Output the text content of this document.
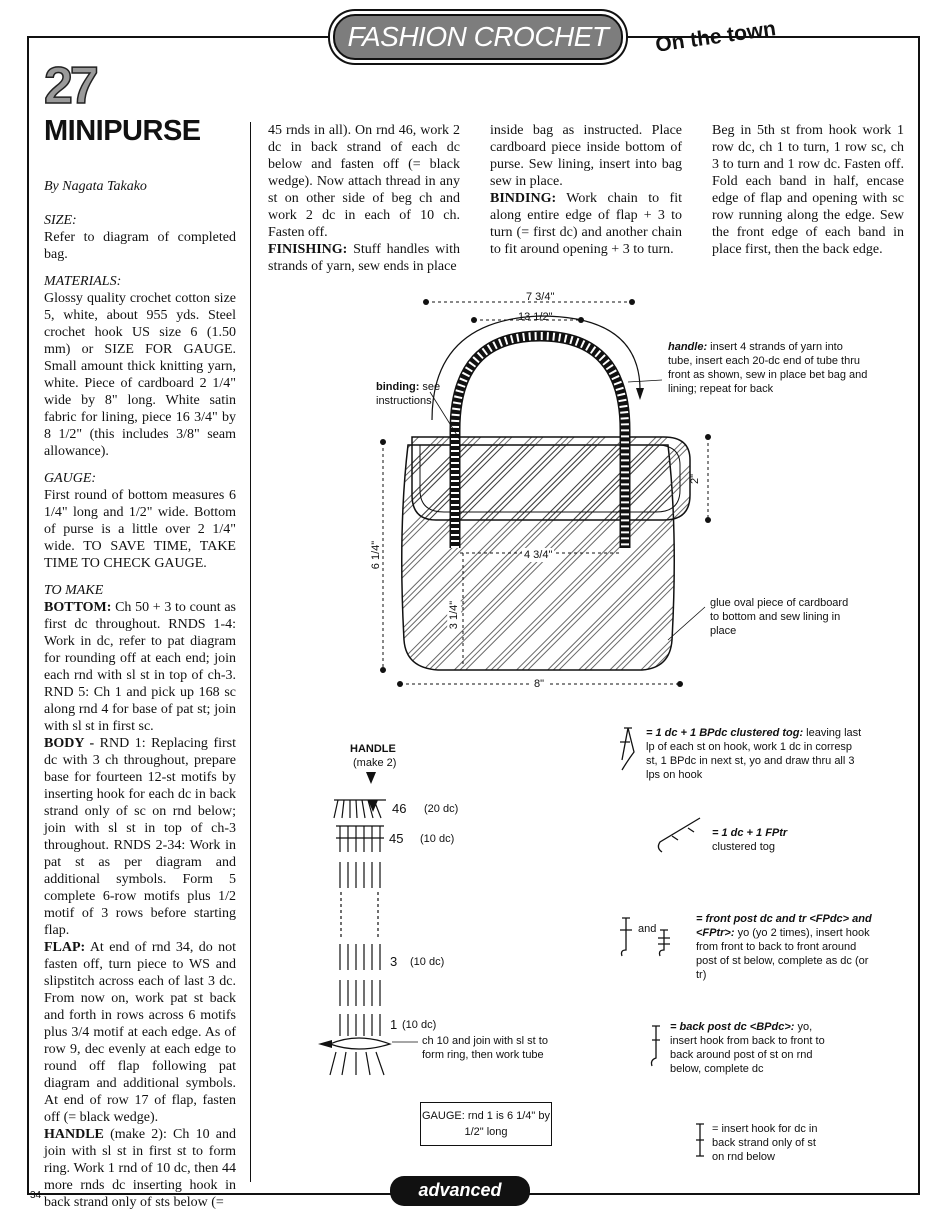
FASHION CROCHET	On the town
27
MINIPURSE
By Nagata Takako
SIZE:
Refer to diagram of completed bag.
MATERIALS:
Glossy quality crochet cotton size 5, white, about 955 yds. Steel crochet hook US size 6 (1.50 mm) or SIZE FOR GAUGE. Small amount thick knitting yarn, white. Piece of cardboard 2 1/4" wide by 8" long. White satin fabric for lining, piece 16 3/4" by 8 1/2" (this includes 3/8" seam allowance).
GAUGE:
First round of bottom measures 6 1/4" long and 1/2" wide. Bottom of purse is a little over 2 1/4" wide. TO SAVE TIME, TAKE TIME TO CHECK GAUGE.
TO MAKE
BOTTOM: Ch 50 + 3 to count as first dc throughout. RNDS 1-4: Work in dc, refer to pat diagram for rounding off at each end; join each rnd with sl st in top of ch-3. RND 5: Ch 1 and pick up 168 sc along rnd 4 for base of pat st; join with sl st in first sc.
BODY - RND 1: Replacing first dc with 3 ch throughout, prepare base for fourteen 12-st motifs by inserting hook for each dc in back strand only of sc on rnd below; join with sl st in top of ch-3 throughout. RNDS 2-34: Work in pat st as per diagram and additional symbols. Form 5 complete 6-row motifs plus 1/2 motif of 3 rows before starting flap.
FLAP: At end of rnd 34, do not fasten off, turn piece to WS and slipstitch across each of last 3 dc. From now on, work pat st back and forth in rows across 6 motifs plus 3/4 motif at each edge. As of row 9, dec evenly at each edge to round off flap following pat diagram and additional symbols. At end of row 17 of flap, fasten off (= black wedge).
HANDLE (make 2): Ch 10 and join with sl st in first st to form ring. Work 1 rnd of 10 dc, then 44 more rnds dc inserting hook in back strand only of sts below (=
45 rnds in all). On rnd 46, work 2 dc in back strand of each dc below and fasten off (= black wedge). Now attach thread in any st on other side of beg ch and work 2 dc in each of 10 ch. Fasten off.
FINISHING: Stuff handles with strands of yarn, sew ends in place
inside bag as instructed. Place cardboard piece inside bottom of purse. Sew lining, insert into bag sew in place.
BINDING: Work chain to fit along entire edge of flap + 3 to turn (= first dc) and another chain to fit around opening + 3 to turn.
Beg in 5th st from hook work 1 row dc, ch 1 to turn, 1 row sc, ch 3 to turn and 1 row dc. Fasten off. Fold each band in half, encase edge of flap and opening with sc row running along the edge. Sew the front edge of each band in place first, then the back edge.
7 3/4"
13 1/2"
2"
6 1/4"	4 3/4"
3 1/4"
8"
binding: see instructions
handle: insert 4 strands of yarn into tube, insert each 20-dc end of tube thru front as shown, sew in place bet bag and lining; repeat for back
glue oval piece of cardboard to bottom and sew lining in place
HANDLE
(make 2)
46 (20 dc)
45 (10 dc)
3 (10 dc)
1 (10 dc)
ch 10 and join with sl st to form ring, then work tube
= 1 dc + 1 BPdc clustered tog: leaving last lp of each st on hook, work 1 dc in corresp st, 1 BPdc in next st, yo and draw thru all 3 lps on hook
= 1 dc + 1 FPtr
clustered tog
and
= front post dc and tr <FPdc> and <FPtr>: yo (yo 2 times), insert hook from front to back to front around post of st below, complete as dc (or tr)
= back post dc <BPdc>: yo, insert hook from back to front to back around post of st on rnd below, complete dc
= insert hook for dc in back strand only of st on rnd below
GAUGE: rnd 1 is 6 1/4" by 1/2" long
advanced
34
